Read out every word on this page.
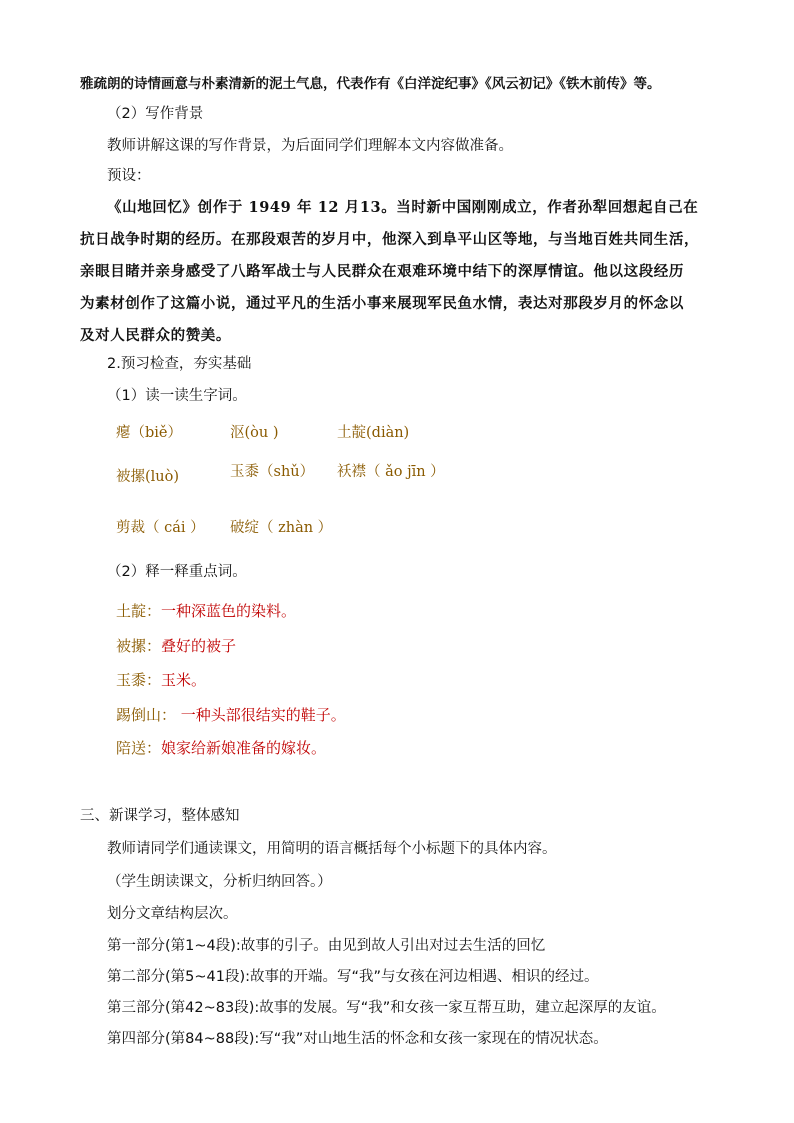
雅疏朗的诗情画意与朴素清新的泥土气息，代表作有《白洋淀纪事》《风云初记》《铁木前传》等。
（2）写作背景
教师讲解这课的写作背景，为后面同学们理解本文内容做准备。
预设：
《山地回忆》创作于 1949 年 12 月13。当时新中国刚刚成立，作者孙犁回想起自己在
抗日战争时期的经历。在那段艰苦的岁月中，他深入到阜平山区等地，与当地百姓共同生活，
亲眼目睹并亲身感受了八路军战士与人民群众在艰难环境中结下的深厚情谊。他以这段经历
为素材创作了这篇小说，通过平凡的生活小事来展现军民鱼水情，表达对那段岁月的怀念以
及对人民群众的赞美。
2.预习检查，夯实基础
（1）读一读生字词。
瘪（biě）	沤(òu )	土靛(diàn)
被摞(luò)	玉黍（shǔ） 袄襟（ ǎo jīn ）
剪裁（ cái ） 破绽（ zhàn ）
（2）释一释重点词。
土靛：一种深蓝色的染料。
被摞：叠好的被子
玉黍：玉米。
踢倒山： 一种头部很结实的鞋子。
陪送：娘家给新娘准备的嫁妆。
三、新课学习，整体感知
教师请同学们通读课文，用简明的语言概括每个小标题下的具体内容。
（学生朗读课文，分析归纳回答。）
划分文章结构层次。
第一部分(第1~4段):故事的引子。由见到故人引出对过去生活的回忆
第二部分(第5~41段):故事的开端。写“我”与女孩在河边相遇、相识的经过。
第三部分(第42~83段):故事的发展。写“我”和女孩一家互帮互助，建立起深厚的友谊。
第四部分(第84~88段):写“我”对山地生活的怀念和女孩一家现在的情况状态。
